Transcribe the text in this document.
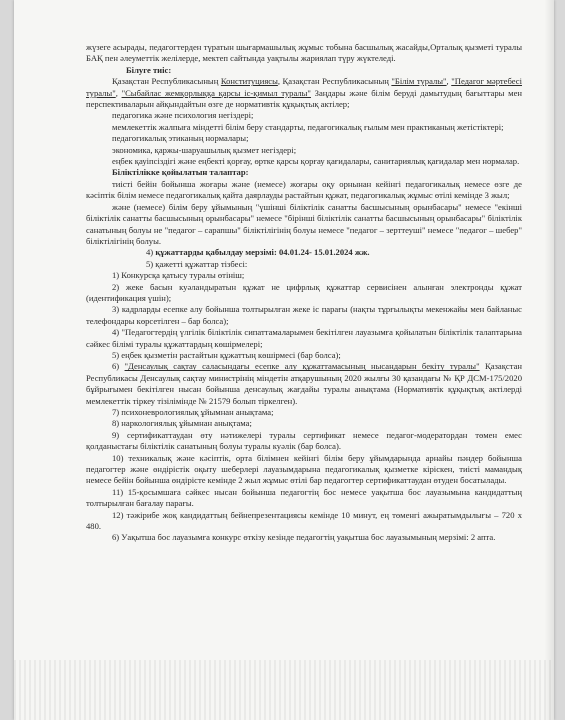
жүзеге асырады, педагогтерден түратын шығармашылық жұмыс тобына басшылық жасайды,Орталық қызметі туралы БАҚ пен әлеуметтік желілерде, мектеп сайтында уақтылы жариялап түру жүктеледі.

Білуге тиіс:

Қазақстан Республикасының Конституциясы, Қазақстан Республикасының "Білім туралы", "Педагог мәртебесі туралы", "Сыбайлас жемқорлыққа қарсы іс-қимыл туралы" Заңдары және білім беруді дамытудың бағыттары мен перспективаларын айқындайтын өзге де нормативтік құқықтық актілер;

педагогика және психология негіздері;

мемлекеттік жалпыға міндетті білім беру стандарты, педагогикалық ғылым мен практиканың жетістіктері;

педагогикалық этиканың нормалары;

экономика, қаржы-шаруашылық қызмет негіздері;

еңбек қауіпсіздігі және еңбекті қорғау, өртке қарсы қорғау қағидалары, санитариялық қағидалар мен нормалар.

Біліктілікке қойылатын талаптар:

тиісті бейін бойынша жоғары және (немесе) жоғары оқу орнынан кейінгі педагогикалық немесе өзге де кәсіптік білім немесе педагогикалық қайта даярлауды растайтын құжат, педагогикалық жұмыс өтілі кемінде 3 жыл;

және (немесе) білім беру ұйымының "үшінші біліктілік санатты басшысының орынбасары" немесе "екінші біліктілік санатты басшысының орынбасары" немесе "бірінші біліктілік санатты басшысының орынбасары" біліктілік санатының болуы не "педагог – сарапшы" біліктілігінің болуы немесе "педагог – зерттеуші" немесе "педагог – шебер" біліктілігінің болуы.

4) құжаттарды қабылдау мерзімі: 04.01.24- 15.01.2024 жж.

5) қажетті құжаттар тізбесі:

1) Конкурсқа қатысу туралы өтініш;

2) жеке басын куәландыратын құжат не цифрлық құжаттар сервисінен алынған электронды құжат (идентификация үшін);

3) кадрларды есепке алу бойынша толтырылған жеке іс парағы (нақты тұрғылықты мекенжайы мен байланыс телефондары көрсетілген – бар болса);

4) "Педагогтердің үлгілік біліктілік сипаттамаларымен бекітілген лауазымға қойылатын біліктілік талаптарына сәйкес білімі туралы құжаттардың көшірмелері;

5) еңбек қызметін растайтын құжаттың көшірмесі (бар болса);

6) "Денсаулық сақтау саласындағы есепке алу құжаттамасының нысандарын бекіту туралы" Қазақстан Республикасы Денсаулық сақтау министрінің міндетін атқарушының 2020 жылғы 30 қазандағы № ҚР ДСМ-175/2020 бұйрығымен бекітілген нысан бойынша денсаулық жағдайы туралы анықтама (Нормативтік құқықтық актілерді мемлекеттік тіркеу тізілімінде № 21579 болып тіркелген).

7) психоневрологиялық ұйымнан анықтама;

8) наркологиялық ұйымнан анықтама;

9) сертификаттаудан өту нәтижелері туралы сертификат немесе педагог-модератордан төмен емес қолданыстағы біліктілік санатының болуы туралы куәлік (бар болса).

10) техникалық және кәсіптік, орта білімнен кейінгі білім беру ұйымдарында арнайы пәндер бойынша педагогтер және өндірістік оқыту шеберлері лауазымдарына педагогикалық қызметке кіріскен, тиісті мамандық немесе бейін бойынша өндірісте кемінде 2 жыл жұмыс өтілі бар педагогтер сертификаттаудан өтуден босатылады.

11) 15-қосымшаға сәйкес нысан бойынша педагогтің бос немесе уақытша бос лауазымына кандидаттың толтырылған бағалау парағы.

12) тәжірибе жоқ кандидаттың бейнепрезентациясы кемінде 10 минут, ең төменгі ажыратымдылығы – 720 х 480.

6) Уақытша бос лауазымға конкурс өткізу кезінде педагогтің уақытша бос лауазымының мерзімі: 2 апта.
